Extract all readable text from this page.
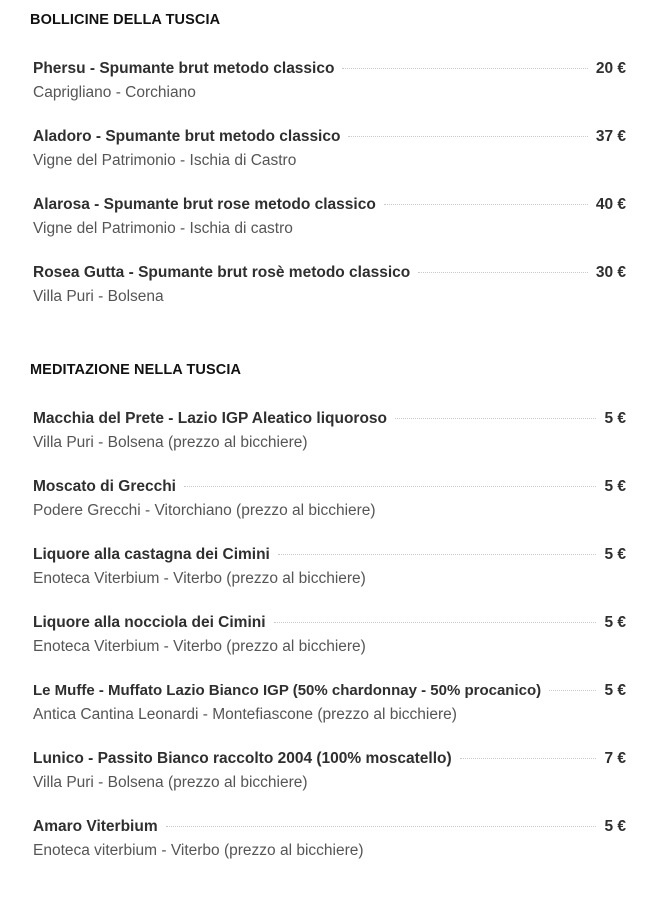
BOLLICINE DELLA TUSCIA
Phersu - Spumante brut metodo classico	20 €
Caprigliano - Corchiano
Aladoro - Spumante brut metodo classico	37 €
Vigne del Patrimonio - Ischia di Castro
Alarosa - Spumante brut rose metodo classico	40 €
Vigne del Patrimonio - Ischia di castro
Rosea Gutta - Spumante brut rosè metodo classico	30 €
Villa Puri - Bolsena
MEDITAZIONE NELLA TUSCIA
Macchia del Prete - Lazio IGP Aleatico liquoroso	5 €
Villa Puri - Bolsena (prezzo al bicchiere)
Moscato di Grecchi	5 €
Podere Grecchi - Vitorchiano (prezzo al bicchiere)
Liquore alla castagna dei Cimini	5 €
Enoteca Viterbium - Viterbo (prezzo al bicchiere)
Liquore alla nocciola dei Cimini	5 €
Enoteca Viterbium - Viterbo (prezzo al bicchiere)
Le Muffe - Muffato Lazio Bianco IGP (50% chardonnay - 50% procanico)	5 €
Antica Cantina Leonardi - Montefiascone (prezzo al bicchiere)
Lunico - Passito Bianco raccolto 2004 (100% moscatello)	7 €
Villa Puri - Bolsena (prezzo al bicchiere)
Amaro Viterbium	5 €
Enoteca viterbium - Viterbo (prezzo al bicchiere)
